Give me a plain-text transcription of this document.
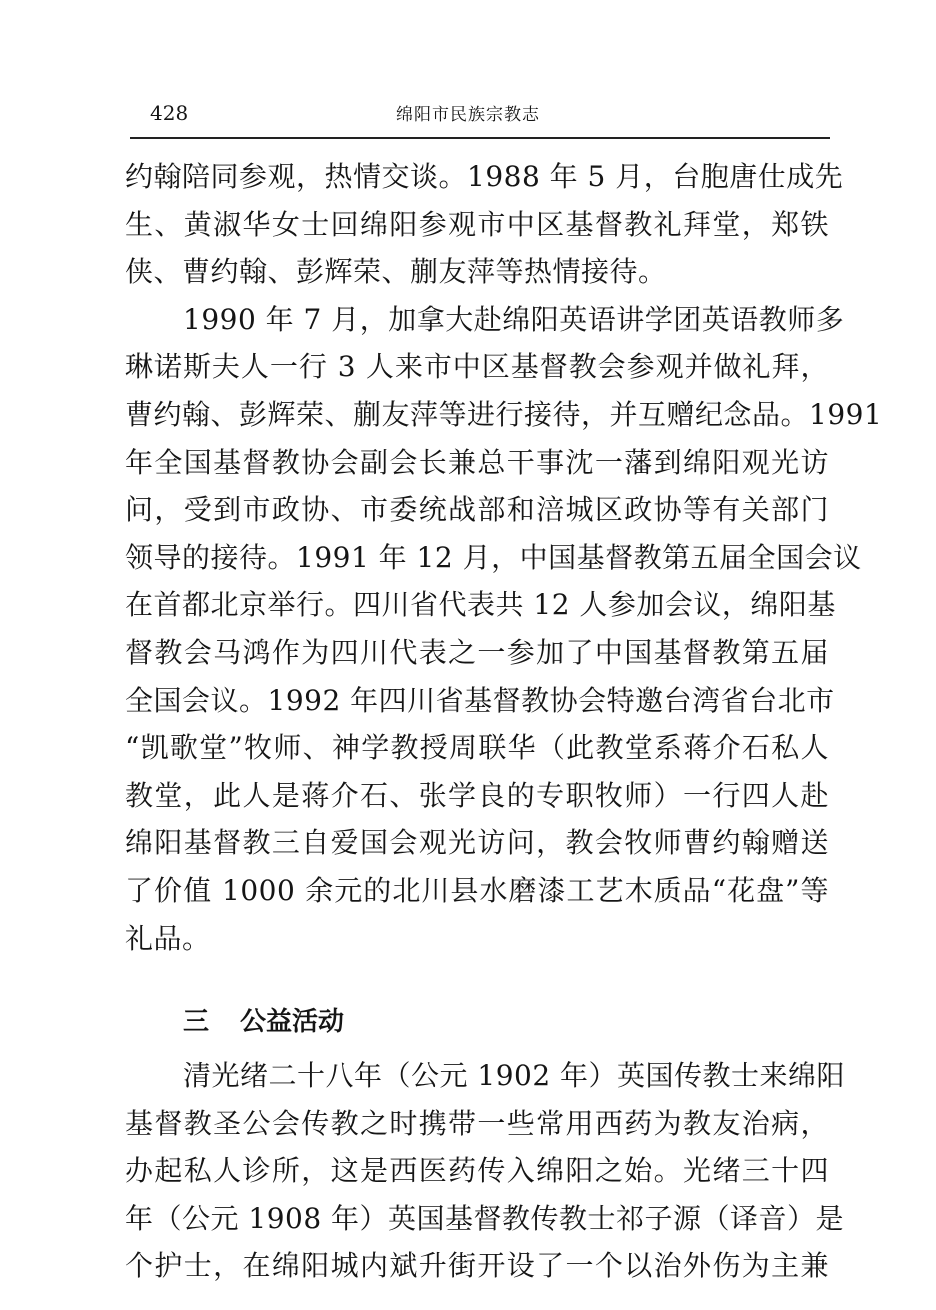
428	绵阳市民族宗教志
约翰陪同参观，热情交谈。1988 年 5 月，台胞唐仕成先
生、黄淑华女士回绵阳参观市中区基督教礼拜堂，郑铁
侠、曹约翰、彭辉荣、蒯友萍等热情接待。
1990 年 7 月，加拿大赴绵阳英语讲学团英语教师多
琳诺斯夫人一行 3 人来市中区基督教会参观并做礼拜，
曹约翰、彭辉荣、蒯友萍等进行接待，并互赠纪念品。1991
年全国基督教协会副会长兼总干事沈一藩到绵阳观光访
问，受到市政协、市委统战部和涪城区政协等有关部门
领导的接待。1991 年 12 月，中国基督教第五届全国会议
在首都北京举行。四川省代表共 12 人参加会议，绵阳基
督教会马鸿作为四川代表之一参加了中国基督教第五届
全国会议。1992 年四川省基督教协会特邀台湾省台北市
“凯歌堂”牧师、神学教授周联华（此教堂系蒋介石私人
教堂，此人是蒋介石、张学良的专职牧师）一行四人赴
绵阳基督教三自爱国会观光访问，教会牧师曹约翰赠送
了价值 1000 余元的北川县水磨漆工艺木质品“花盘”等
礼品。
三 公益活动
清光绪二十八年（公元 1902 年）英国传教士来绵阳
基督教圣公会传教之时携带一些常用西药为教友治病，
办起私人诊所，这是西医药传入绵阳之始。光绪三十四
年（公元 1908 年）英国基督教传教士祁子源（译音）是
个护士，在绵阳城内斌升街开设了一个以治外伤为主兼
